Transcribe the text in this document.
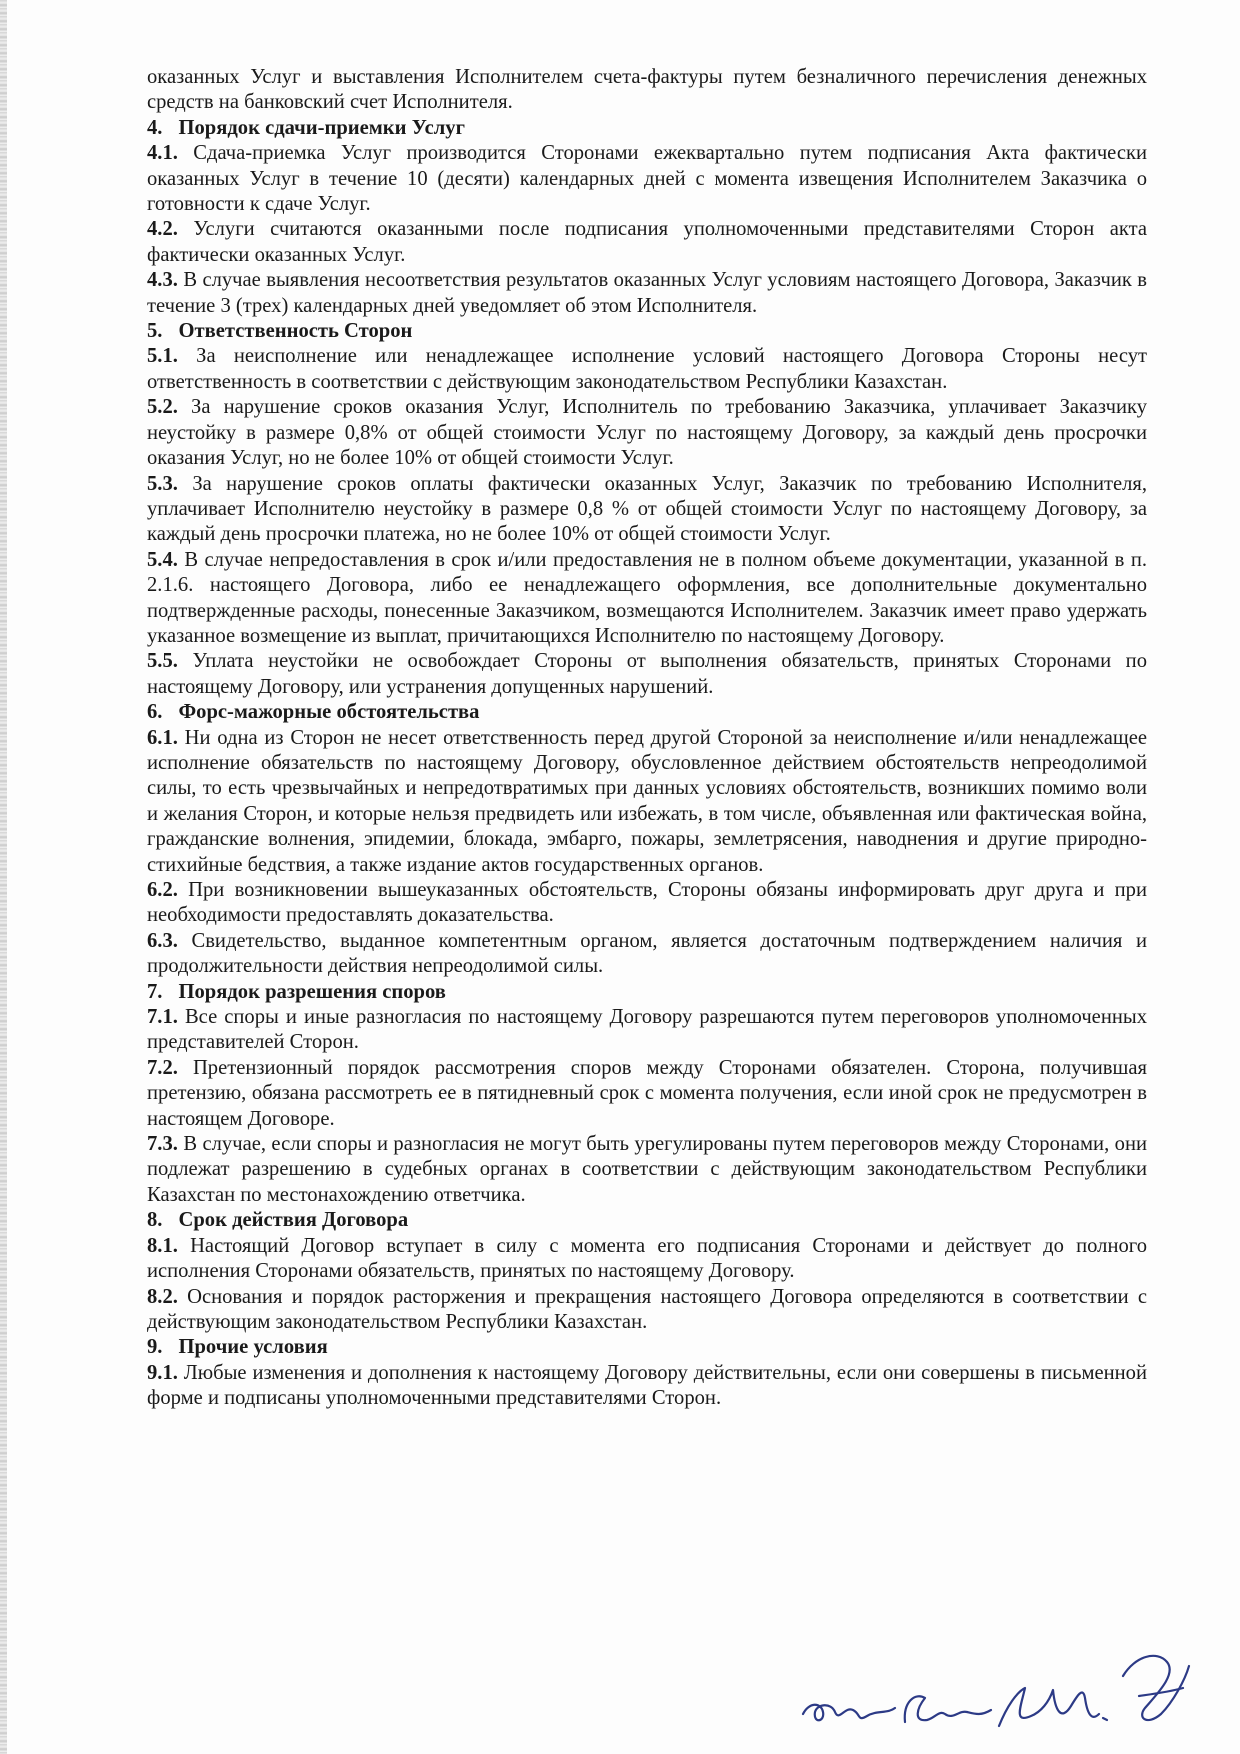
оказанных Услуг и выставления Исполнителем счета-фактуры путем безналичного перечисления денежных средств на банковский счет Исполнителя.

4. Порядок сдачи-приемки Услуг

4.1. Сдача-приемка Услуг производится Сторонами ежеквартально путем подписания Акта фактически оказанных Услуг в течение 10 (десяти) календарных дней с момента извещения Исполнителем Заказчика о готовности к сдаче Услуг.

4.2. Услуги считаются оказанными после подписания уполномоченными представителями Сторон акта фактически оказанных Услуг.

4.3. В случае выявления несоответствия результатов оказанных Услуг условиям настоящего Договора, Заказчик в течение 3 (трех) календарных дней уведомляет об этом Исполнителя.

5. Ответственность Сторон

5.1. За неисполнение или ненадлежащее исполнение условий настоящего Договора Стороны несут ответственность в соответствии с действующим законодательством Республики Казахстан.

5.2. За нарушение сроков оказания Услуг, Исполнитель по требованию Заказчика, уплачивает Заказчику неустойку в размере 0,8% от общей стоимости Услуг по настоящему Договору, за каждый день просрочки оказания Услуг, но не более 10% от общей стоимости Услуг.

5.3. За нарушение сроков оплаты фактически оказанных Услуг, Заказчик по требованию Исполнителя, уплачивает Исполнителю неустойку в размере 0,8 % от общей стоимости Услуг по настоящему Договору, за каждый день просрочки платежа, но не более 10% от общей стоимости Услуг.

5.4. В случае непредоставления в срок и/или предоставления не в полном объеме документации, указанной в п. 2.1.6. настоящего Договора, либо ее ненадлежащего оформления, все дополнительные документально подтвержденные расходы, понесенные Заказчиком, возмещаются Исполнителем. Заказчик имеет право удержать указанное возмещение из выплат, причитающихся Исполнителю по настоящему Договору.

5.5. Уплата неустойки не освобождает Стороны от выполнения обязательств, принятых Сторонами по настоящему Договору, или устранения допущенных нарушений.

6. Форс-мажорные обстоятельства

6.1. Ни одна из Сторон не несет ответственность перед другой Стороной за неисполнение и/или ненадлежащее исполнение обязательств по настоящему Договору, обусловленное действием обстоятельств непреодолимой силы, то есть чрезвычайных и непредотвратимых при данных условиях обстоятельств, возникших помимо воли и желания Сторон, и которые нельзя предвидеть или избежать, в том числе, объявленная или фактическая война, гражданские волнения, эпидемии, блокада, эмбарго, пожары, землетрясения, наводнения и другие природно-стихийные бедствия, а также издание актов государственных органов.

6.2. При возникновении вышеуказанных обстоятельств, Стороны обязаны информировать друг друга и при необходимости предоставлять доказательства.

6.3. Свидетельство, выданное компетентным органом, является достаточным подтверждением наличия и продолжительности действия непреодолимой силы.

7. Порядок разрешения споров

7.1. Все споры и иные разногласия по настоящему Договору разрешаются путем переговоров уполномоченных представителей Сторон.

7.2. Претензионный порядок рассмотрения споров между Сторонами обязателен. Сторона, получившая претензию, обязана рассмотреть ее в пятидневный срок с момента получения, если иной срок не предусмотрен в настоящем Договоре.

7.3. В случае, если споры и разногласия не могут быть урегулированы путем переговоров между Сторонами, они подлежат разрешению в судебных органах в соответствии с действующим законодательством Республики Казахстан по местонахождению ответчика.

8. Срок действия Договора

8.1. Настоящий Договор вступает в силу с момента его подписания Сторонами и действует до полного исполнения Сторонами обязательств, принятых по настоящему Договору.

8.2. Основания и порядок расторжения и прекращения настоящего Договора определяются в соответствии с действующим законодательством Республики Казахстан.

9. Прочие условия

9.1. Любые изменения и дополнения к настоящему Договору действительны, если они совершены в письменной форме и подписаны уполномоченными представителями Сторон.
